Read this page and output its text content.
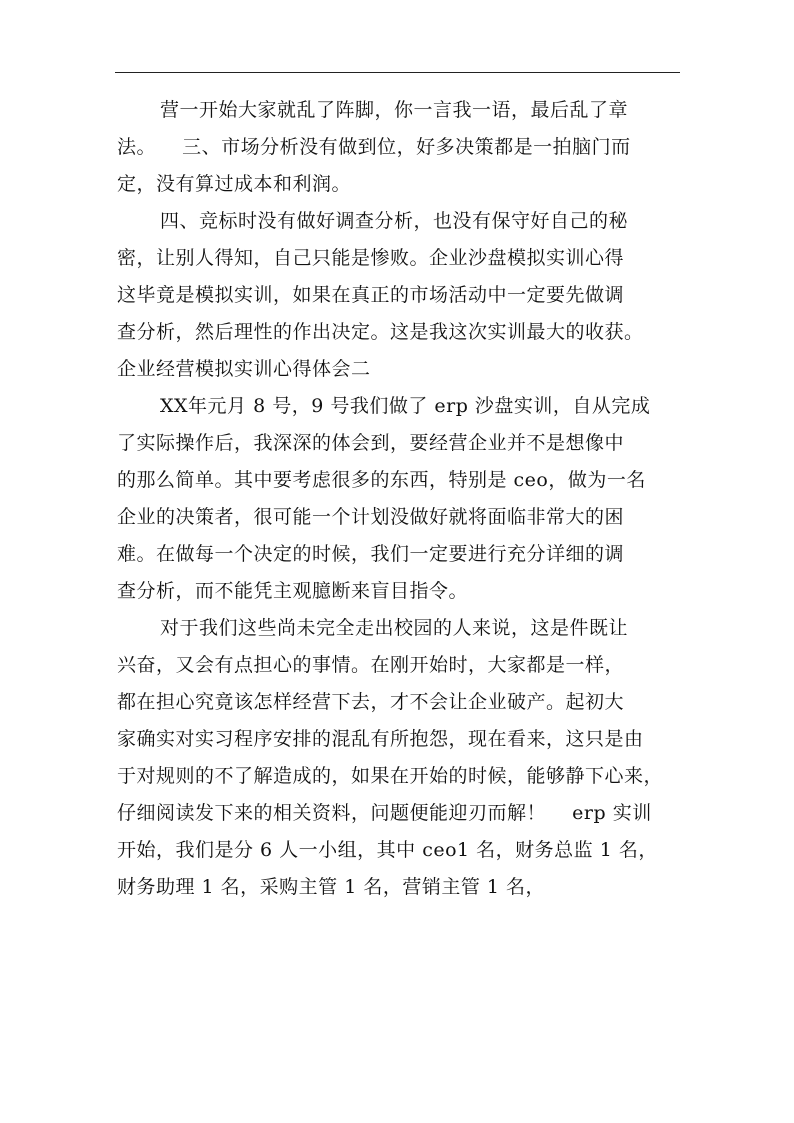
营一开始大家就乱了阵脚，你一言我一语，最后乱了章
法。    三、市场分析没有做到位，好多决策都是一拍脑门而
定，没有算过成本和利润。
四、竞标时没有做好调查分析，也没有保守好自己的秘
密，让别人得知，自己只能是惨败。企业沙盘模拟实训心得
这毕竟是模拟实训，如果在真正的市场活动中一定要先做调
查分析，然后理性的作出决定。这是我这次实训最大的收获。
企业经营模拟实训心得体会二
XX年元月 8 号，9 号我们做了 erp 沙盘实训，自从完成
了实际操作后，我深深的体会到，要经营企业并不是想像中
的那么简单。其中要考虑很多的东西，特别是 ceo，做为一名
企业的决策者，很可能一个计划没做好就将面临非常大的困
难。在做每一个决定的时候，我们一定要进行充分详细的调
查分析，而不能凭主观臆断来盲目指令。
对于我们这些尚未完全走出校园的人来说，这是件既让
兴奋，又会有点担心的事情。在刚开始时，大家都是一样，
都在担心究竟该怎样经营下去，才不会让企业破产。起初大
家确实对实习程序安排的混乱有所抱怨，现在看来，这只是由
于对规则的不了解造成的，如果在开始的时候，能够静下心来，
仔细阅读发下来的相关资料，问题便能迎刃而解！    erp 实训
开始，我们是分 6 人一小组，其中 ceo1 名，财务总监 1 名，
财务助理 1 名，采购主管 1 名，营销主管 1 名，
